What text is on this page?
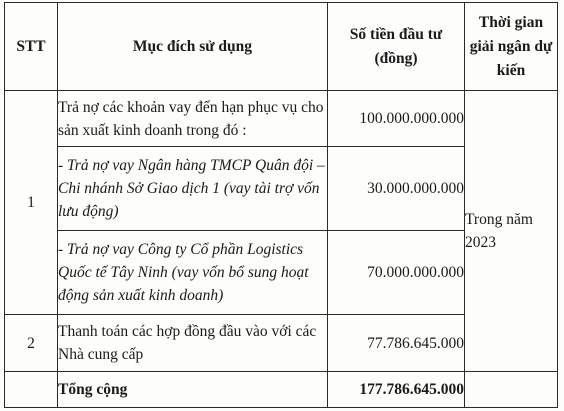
STT	Mục đích sử dụng	Số tiền đầu tư (đồng)	Thời gian giải ngân dự kiến
1	Trả nợ các khoản vay đến hạn phục vụ cho sản xuất kinh doanh trong đó :	100.000.000.000	Trong năm 2023
	- Trả nợ vay Ngân hàng TMCP Quân đội – Chi nhánh Sở Giao dịch 1 (vay tài trợ vốn lưu động)	30.000.000.000	
	- Trả nợ vay Công ty Cổ phần Logistics Quốc tế Tây Ninh (vay vốn bổ sung hoạt động sản xuất kinh doanh)	70.000.000.000	
2	Thanh toán các hợp đồng đầu vào với các Nhà cung cấp	77.786.645.000	
	Tổng cộng	177.786.645.000	
